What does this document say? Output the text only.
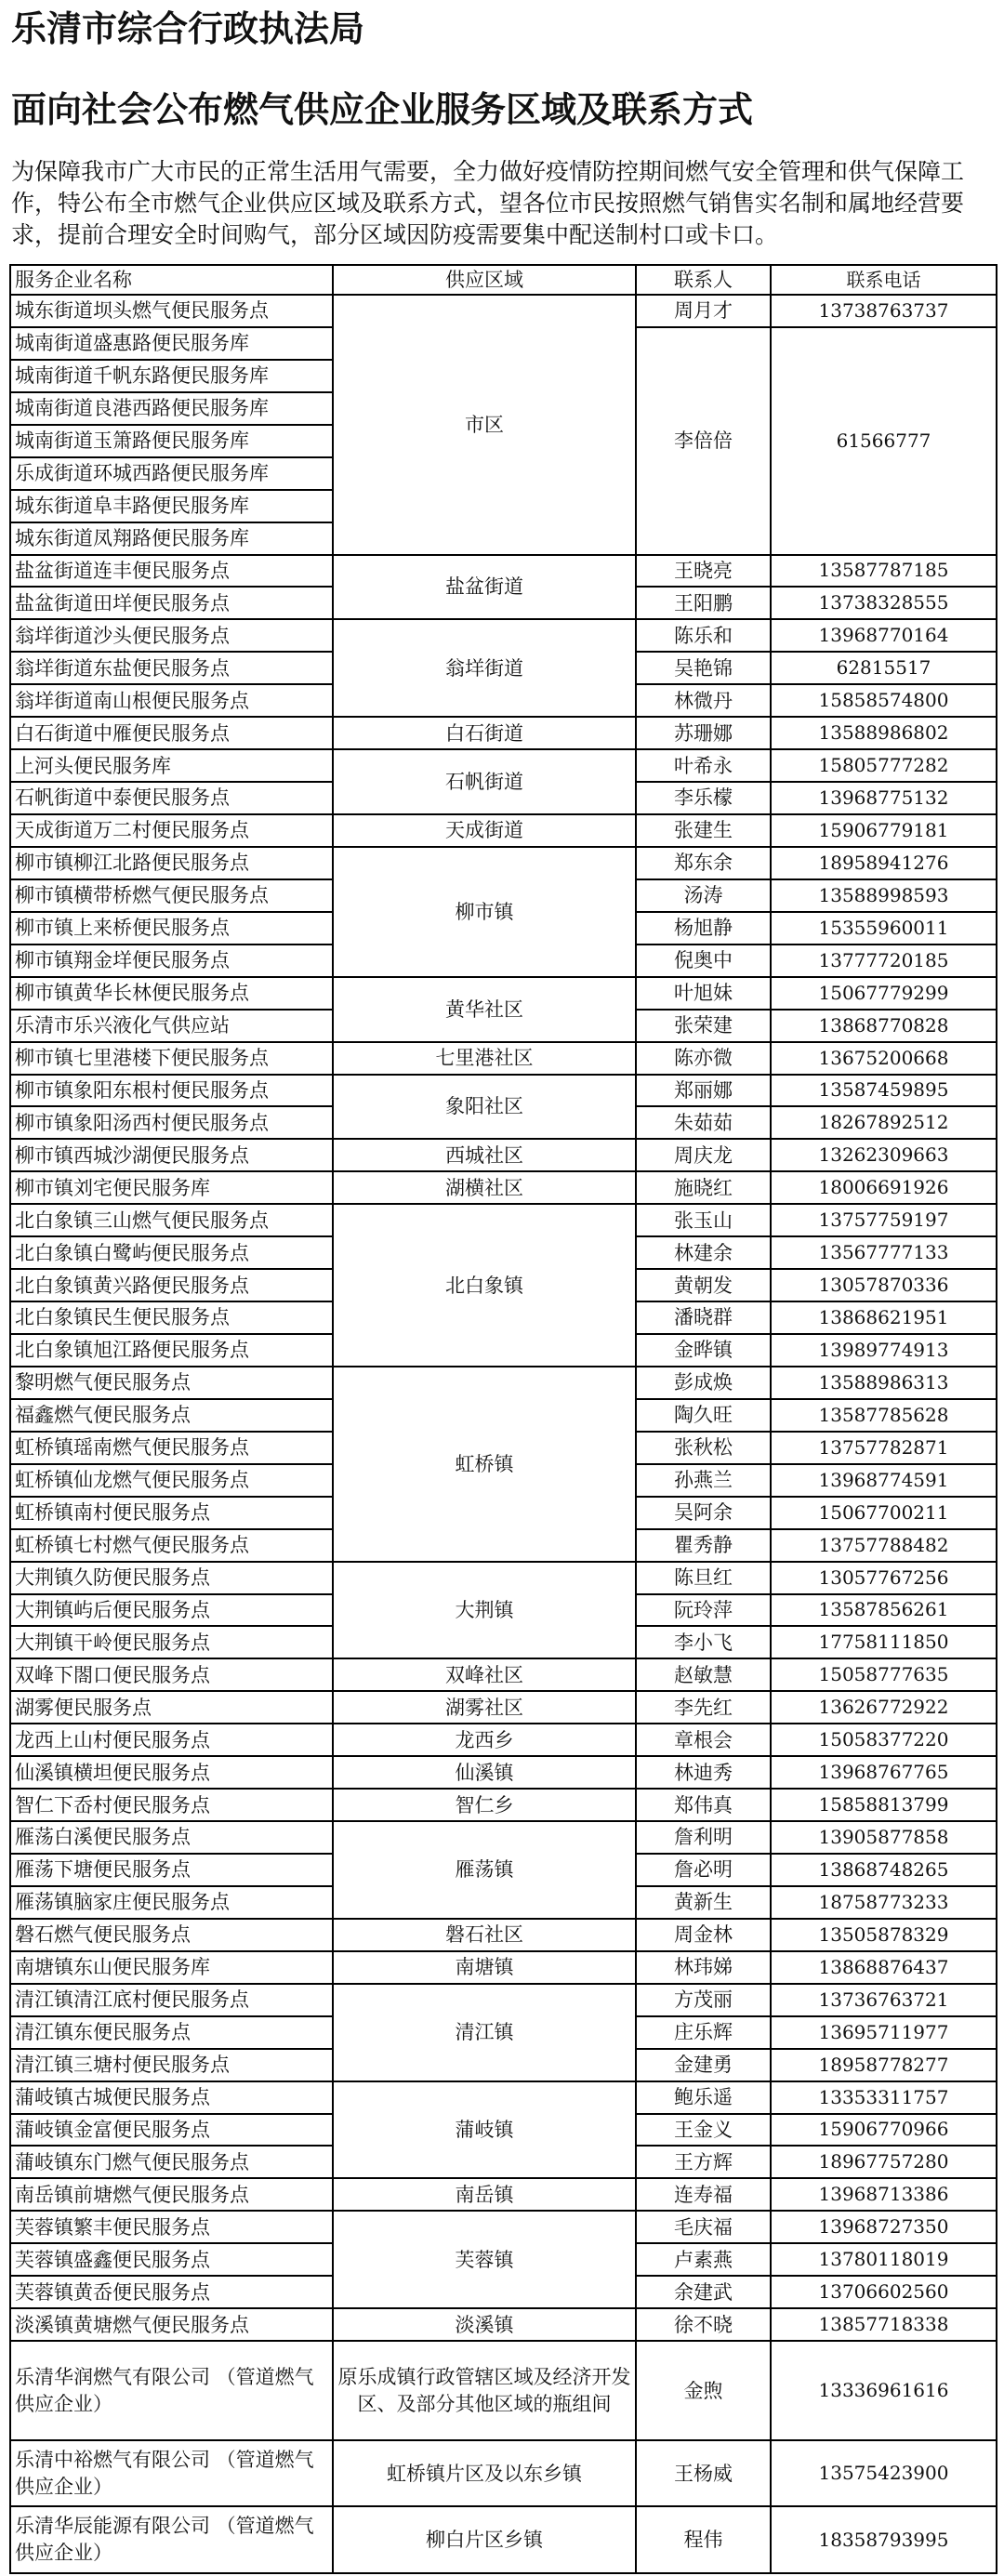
乐清市综合行政执法局
面向社会公布燃气供应企业服务区域及联系方式
为保障我市广大市民的正常生活用气需要，全力做好疫情防控期间燃气安全管理和供气保障工作，特公布全市燃气企业供应区域及联系方式，望各位市民按照燃气销售实名制和属地经营要求，提前合理安全时间购气，部分区域因防疫需要集中配送制村口或卡口。
服务企业名称	供应区域	联系人	联系电话
城东街道坝头燃气便民服务点	市区	周月才	13738763737
城南街道盛惠路便民服务库		李倍倍	61566777
城南街道千帆东路便民服务库			
城南街道良港西路便民服务库			
城南街道玉箫路便民服务库			
乐成街道环城西路便民服务库			
城东街道阜丰路便民服务库			
城东街道凤翔路便民服务库			
盐盆街道连丰便民服务点	盐盆街道	王晓亮	13587787185
盐盆街道田垟便民服务点		王阳鹏	13738328555
翁垟街道沙头便民服务点	翁垟街道	陈乐和	13968770164
翁垟街道东盐便民服务点		吴艳锦	62815517
翁垟街道南山根便民服务点		林微丹	15858574800
白石街道中雁便民服务点	白石街道	苏珊娜	13588986802
上河头便民服务库	石帆街道	叶希永	15805777282
石帆街道中泰便民服务点		李乐檬	13968775132
天成街道万二村便民服务点	天成街道	张建生	15906779181
柳市镇柳江北路便民服务点	柳市镇	郑东余	18958941276
柳市镇横带桥燃气便民服务点		汤涛	13588998593
柳市镇上来桥便民服务点		杨旭静	15355960011
柳市镇翔金垟便民服务点		倪奥中	13777720185
柳市镇黄华长林便民服务点	黄华社区	叶旭妹	15067779299
乐清市乐兴液化气供应站		张荣建	13868770828
柳市镇七里港楼下便民服务点	七里港社区	陈亦微	13675200668
柳市镇象阳东根村便民服务点	象阳社区	郑丽娜	13587459895
柳市镇象阳汤西村便民服务点		朱茹茹	18267892512
柳市镇西城沙湖便民服务点	西城社区	周庆龙	13262309663
柳市镇刘宅便民服务库	湖横社区	施晓红	18006691926
北白象镇三山燃气便民服务点	北白象镇	张玉山	13757759197
北白象镇白鹭屿便民服务点		林建余	13567777133
北白象镇黄兴路便民服务点		黄朝发	13057870336
北白象镇民生便民服务点		潘晓群	13868621951
北白象镇旭江路便民服务点		金晔镇	13989774913
黎明燃气便民服务点	虹桥镇	彭成焕	13588986313
福鑫燃气便民服务点		陶久旺	13587785628
虹桥镇瑶南燃气便民服务点		张秋松	13757782871
虹桥镇仙龙燃气便民服务点		孙燕兰	13968774591
虹桥镇南村便民服务点		吴阿余	15067700211
虹桥镇七村燃气便民服务点		瞿秀静	13757788482
大荆镇久防便民服务点	大荆镇	陈旦红	13057767256
大荆镇屿后便民服务点		阮玲萍	13587856261
大荆镇干岭便民服务点		李小飞	17758111850
双峰下閤口便民服务点	双峰社区	赵敏慧	15058777635
湖雾便民服务点	湖雾社区	李先红	13626772922
龙西上山村便民服务点	龙西乡	章根会	15058377220
仙溪镇横坦便民服务点	仙溪镇	林迪秀	13968767765
智仁下岙村便民服务点	智仁乡	郑伟真	15858813799
雁荡白溪便民服务点	雁荡镇	詹利明	13905877858
雁荡下塘便民服务点		詹必明	13868748265
雁荡镇脑家庄便民服务点		黄新生	18758773233
磐石燃气便民服务点	磐石社区	周金林	13505878329
南塘镇东山便民服务库	南塘镇	林玮娣	13868876437
清江镇清江底村便民服务点	清江镇	方茂丽	13736763721
清江镇东便民服务点		庄乐辉	13695711977
清江镇三塘村便民服务点		金建勇	18958778277
蒲岐镇古城便民服务点	蒲岐镇	鲍乐遥	13353311757
蒲岐镇金富便民服务点		王金义	15906770966
蒲岐镇东门燃气便民服务点		王方辉	18967757280
南岳镇前塘燃气便民服务点	南岳镇	连寿福	13968713386
芙蓉镇繁丰便民服务点	芙蓉镇	毛庆福	13968727350
芙蓉镇盛鑫便民服务点		卢素燕	13780118019
芙蓉镇黄岙便民服务点		余建武	13706602560
淡溪镇黄塘燃气便民服务点	淡溪镇	徐不晓	13857718338
乐清华润燃气有限公司 （管道燃气供应企业）	原乐成镇行政管辖区域及经济开发区、及部分其他区域的瓶组间	金煦	13336961616
乐清中裕燃气有限公司 （管道燃气供应企业）	虹桥镇片区及以东乡镇	王杨威	13575423900
乐清华辰能源有限公司 （管道燃气供应企业）	柳白片区乡镇	程伟	18358793995
